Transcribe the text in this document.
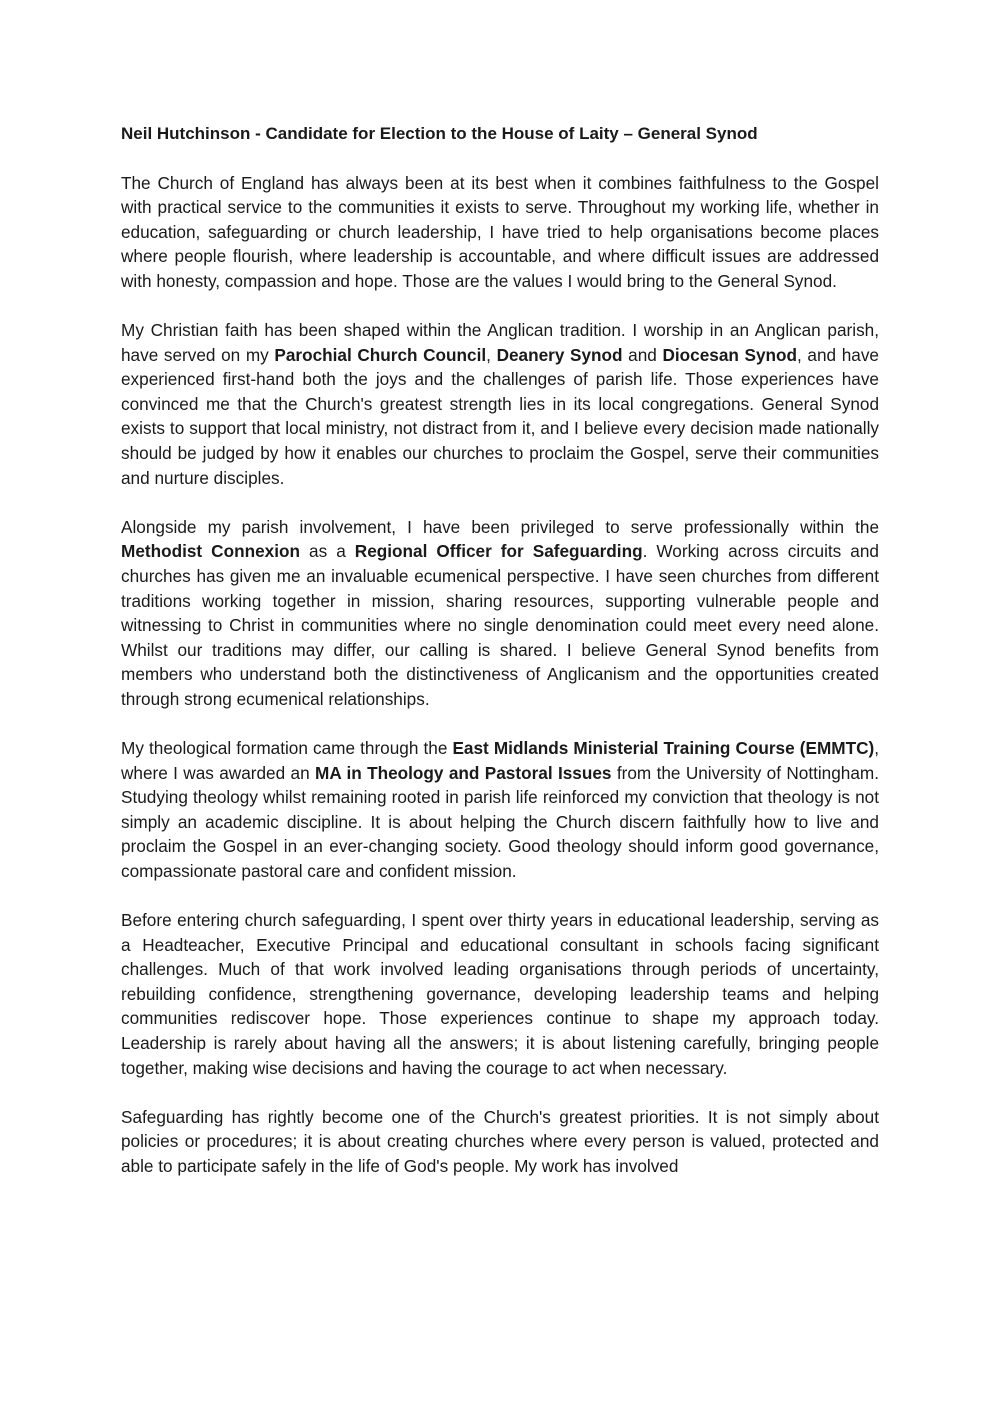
Neil Hutchinson - Candidate for Election to the House of Laity – General Synod

The Church of England has always been at its best when it combines faithfulness to the Gospel with practical service to the communities it exists to serve. Throughout my working life, whether in education, safeguarding or church leadership, I have tried to help organisations become places where people flourish, where leadership is accountable, and where difficult issues are addressed with honesty, compassion and hope. Those are the values I would bring to the General Synod.

My Christian faith has been shaped within the Anglican tradition. I worship in an Anglican parish, have served on my Parochial Church Council, Deanery Synod and Diocesan Synod, and have experienced first-hand both the joys and the challenges of parish life. Those experiences have convinced me that the Church's greatest strength lies in its local congregations. General Synod exists to support that local ministry, not distract from it, and I believe every decision made nationally should be judged by how it enables our churches to proclaim the Gospel, serve their communities and nurture disciples.

Alongside my parish involvement, I have been privileged to serve professionally within the Methodist Connexion as a Regional Officer for Safeguarding. Working across circuits and churches has given me an invaluable ecumenical perspective. I have seen churches from different traditions working together in mission, sharing resources, supporting vulnerable people and witnessing to Christ in communities where no single denomination could meet every need alone. Whilst our traditions may differ, our calling is shared. I believe General Synod benefits from members who understand both the distinctiveness of Anglicanism and the opportunities created through strong ecumenical relationships.

My theological formation came through the East Midlands Ministerial Training Course (EMMTC), where I was awarded an MA in Theology and Pastoral Issues from the University of Nottingham. Studying theology whilst remaining rooted in parish life reinforced my conviction that theology is not simply an academic discipline. It is about helping the Church discern faithfully how to live and proclaim the Gospel in an ever-changing society. Good theology should inform good governance, compassionate pastoral care and confident mission.

Before entering church safeguarding, I spent over thirty years in educational leadership, serving as a Headteacher, Executive Principal and educational consultant in schools facing significant challenges. Much of that work involved leading organisations through periods of uncertainty, rebuilding confidence, strengthening governance, developing leadership teams and helping communities rediscover hope. Those experiences continue to shape my approach today. Leadership is rarely about having all the answers; it is about listening carefully, bringing people together, making wise decisions and having the courage to act when necessary.

Safeguarding has rightly become one of the Church's greatest priorities. It is not simply about policies or procedures; it is about creating churches where every person is valued, protected and able to participate safely in the life of God's people. My work has involved
